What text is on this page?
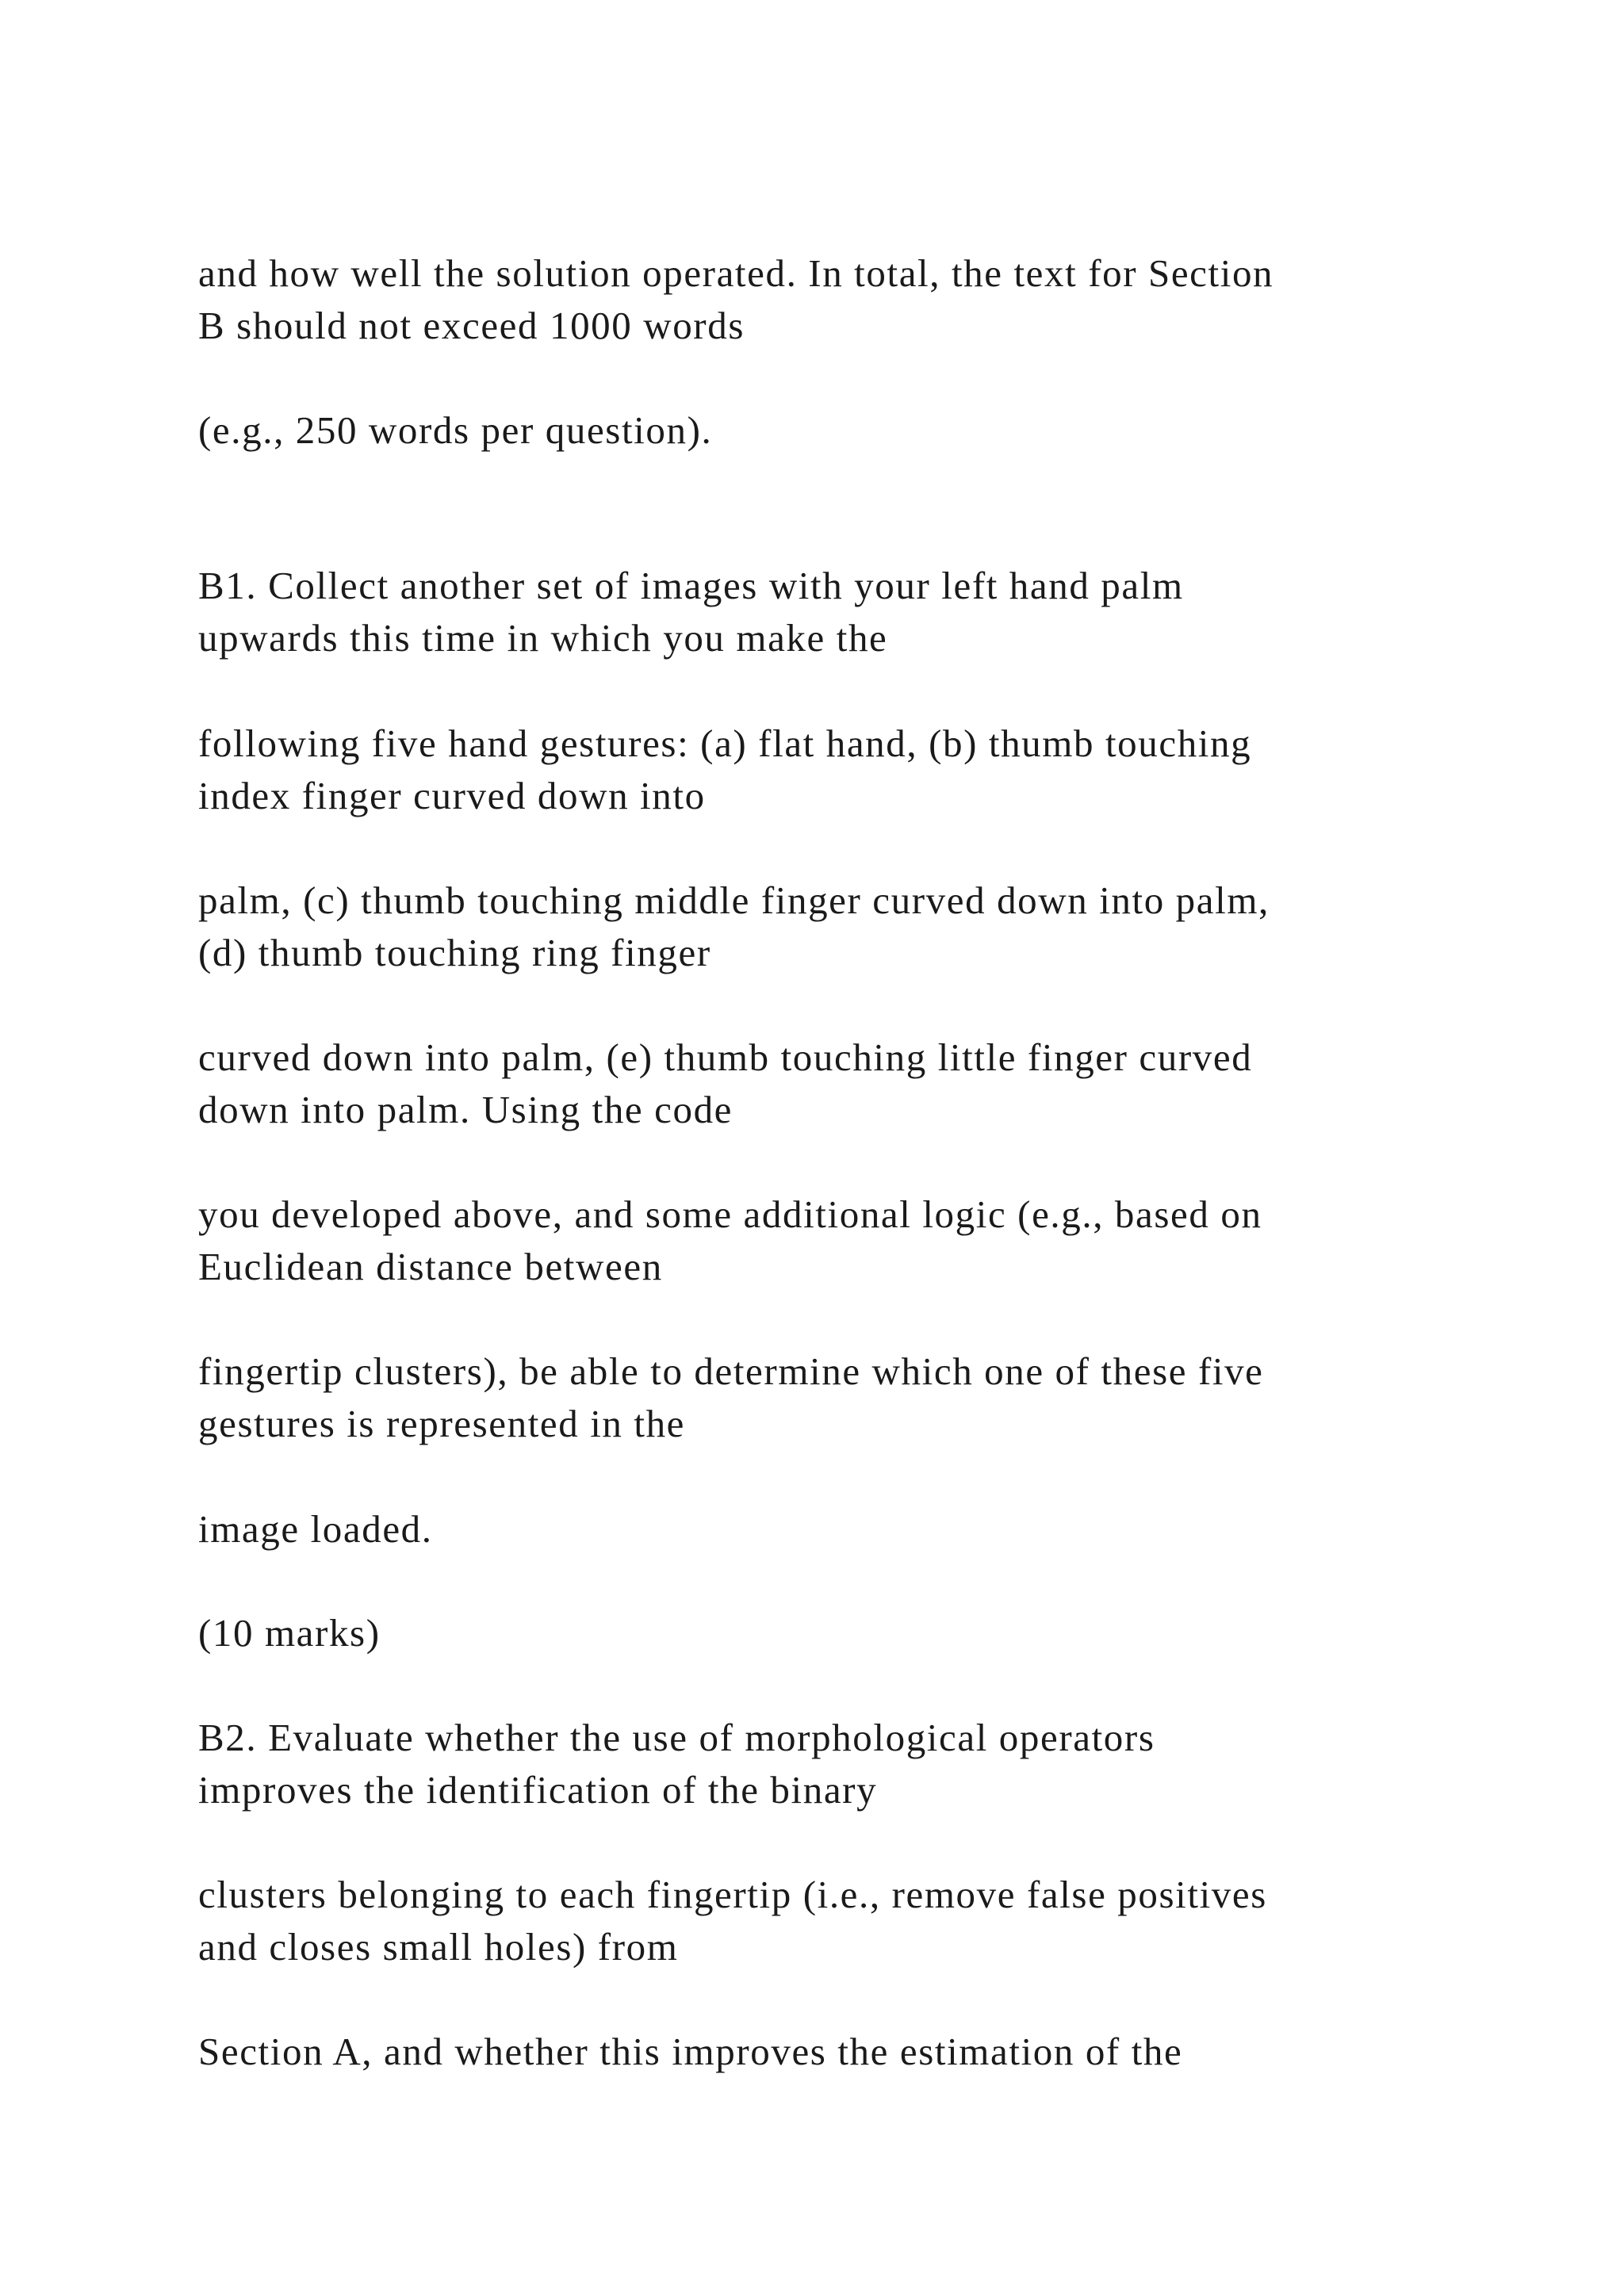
and how well the solution operated. In total, the text for Section
B should not exceed 1000 words

(e.g., 250 words per question).

B1. Collect another set of images with your left hand palm
upwards this time in which you make the

following five hand gestures: (a) flat hand, (b) thumb touching
index finger curved down into

palm, (c) thumb touching middle finger curved down into palm,
(d) thumb touching ring finger

curved down into palm, (e) thumb touching little finger curved
down into palm. Using the code

you developed above, and some additional logic (e.g., based on
Euclidean distance between

fingertip clusters), be able to determine which one of these five
gestures is represented in the

image loaded.

(10 marks)

B2. Evaluate whether the use of morphological operators
improves the identification of the binary

clusters belonging to each fingertip (i.e., remove false positives
and closes small holes) from

Section A, and whether this improves the estimation of the
